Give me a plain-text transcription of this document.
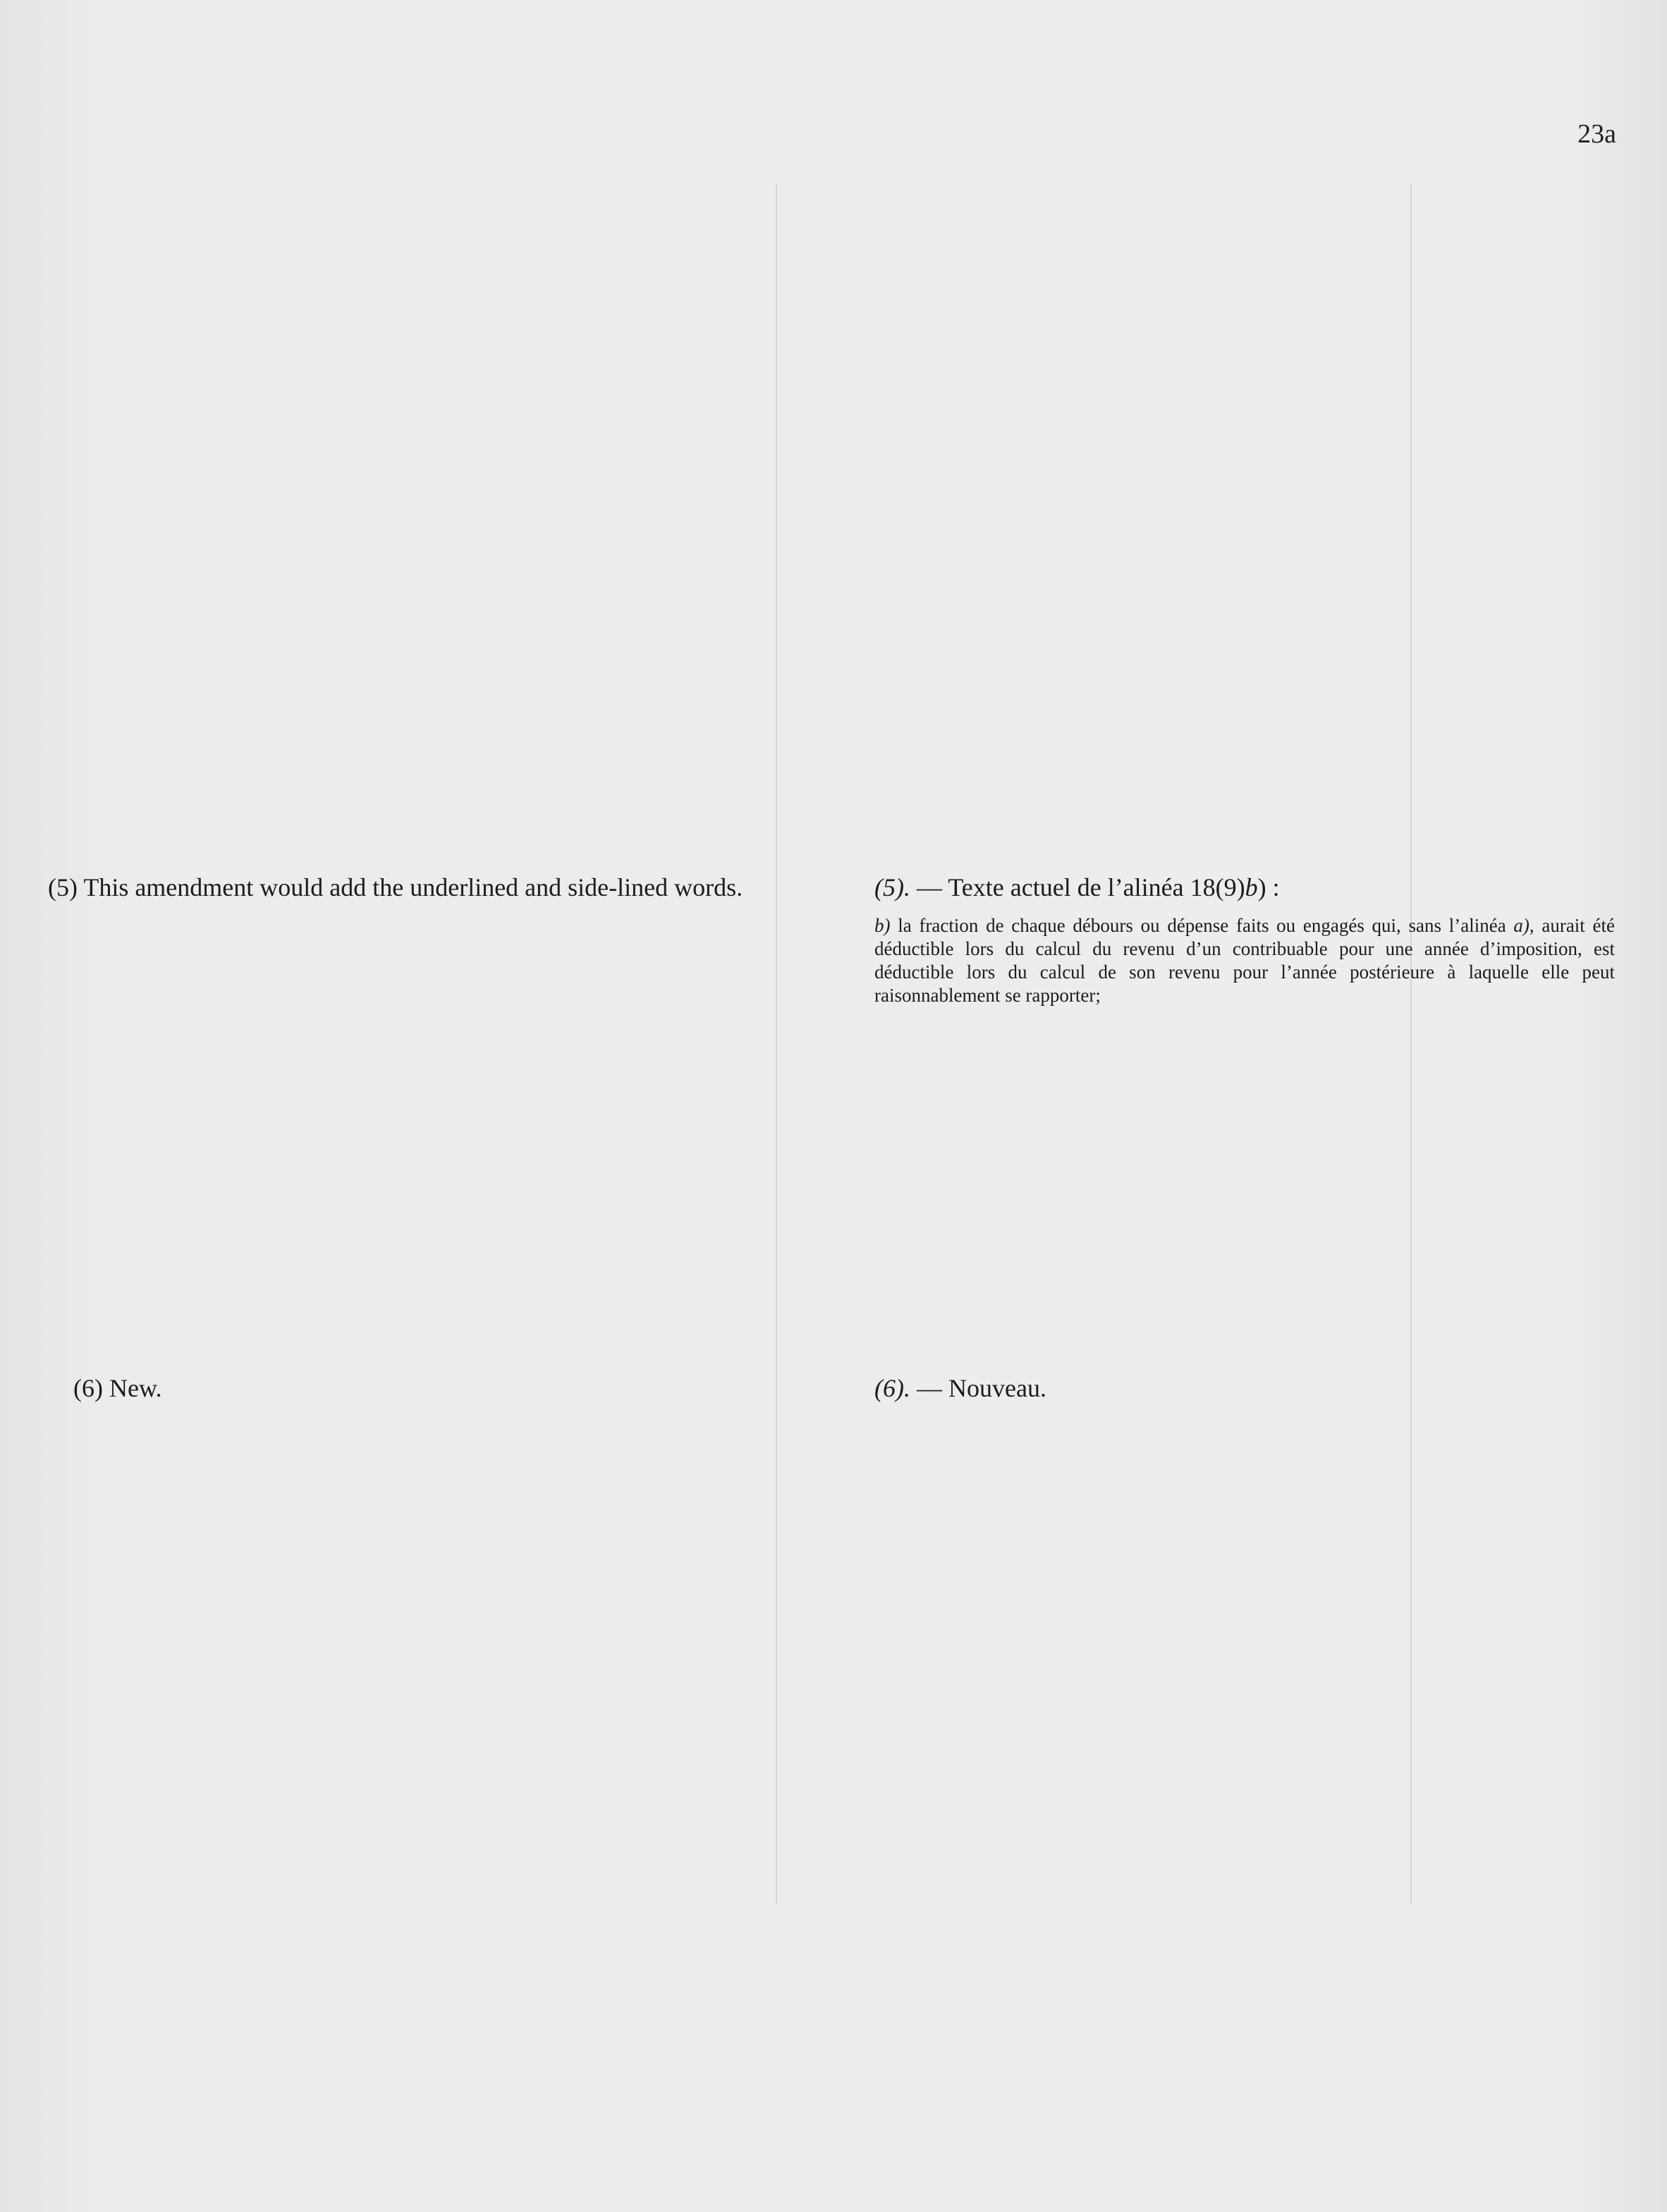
23a
(5) This amendment would add the underlined and side-lined words.
(6) New.
(5). — Texte actuel de l’alinéa 18(9)b) :
b) la fraction de chaque débours ou dépense faits ou engagés qui, sans l’alinéa a), aurait été déductible lors du calcul du revenu d’un contribuable pour une année d’imposition, est déductible lors du calcul de son revenu pour l’année postérieure à laquelle elle peut raisonnablement se rapporter;
(6). — Nouveau.
